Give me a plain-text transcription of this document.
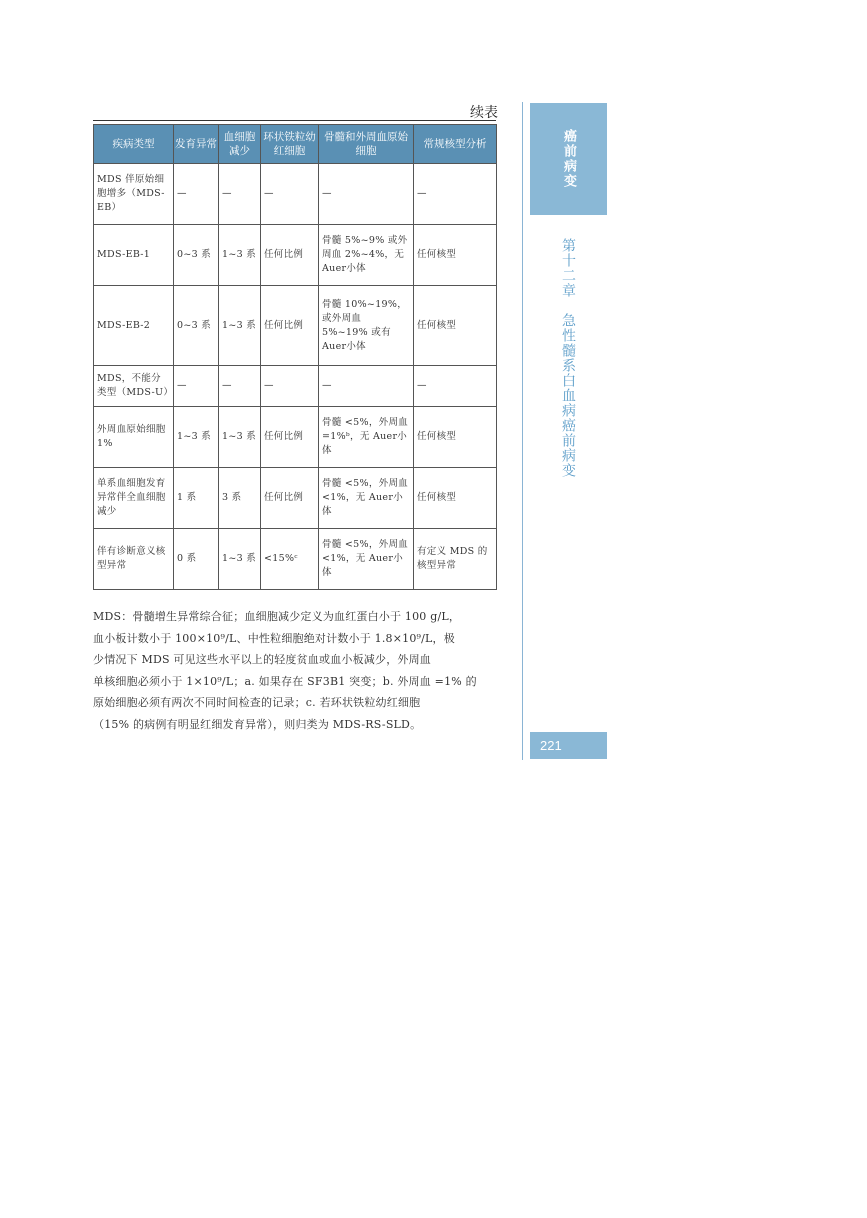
续表
疾病类型	发育异常	血细胞减少	环状铁粒幼红细胞	骨髓和外周血原始细胞	常规核型分析
MDS 伴原始细胞增多（MDS-EB）	—	—	—	—	—
MDS-EB-1	0~3 系	1~3 系	任何比例	骨髓 5%~9% 或外周血 2%~4%，无 Auer小体	任何核型
MDS-EB-2	0~3 系	1~3 系	任何比例	骨髓 10%~19%，或外周血 5%~19% 或有 Auer小体	任何核型
MDS，不能分类型（MDS-U）	—	—	—	—	—
外周血原始细胞 1%	1~3 系	1~3 系	任何比例	骨髓 <5%，外周血 =1%ᵇ，无 Auer小体	任何核型
单系血细胞发育异常伴全血细胞减少	1 系	3 系	任何比例	骨髓 <5%，外周血 <1%，无 Auer小体	任何核型
伴有诊断意义核型异常	0 系	1~3 系	<15%ᶜ	骨髓 <5%，外周血 <1%，无 Auer小体	有定义 MDS 的核型异常
MDS：骨髓增生异常综合征；血细胞减少定义为血红蛋白小于 100 g/L，
血小板计数小于 100×10⁹/L、中性粒细胞绝对计数小于 1.8×10⁹/L，极
少情况下 MDS 可见这些水平以上的轻度贫血或血小板减少，外周血
单核细胞必须小于 1×10⁹/L；a. 如果存在 SF3B1 突变；b. 外周血 =1% 的
原始细胞必须有两次不同时间检查的记录；c. 若环状铁粒幼红细胞
（15% 的病例有明显红细发育异常），则归类为 MDS-RS-SLD。
癌前病变
第十二章　急性髓系白血病癌前病变
221
